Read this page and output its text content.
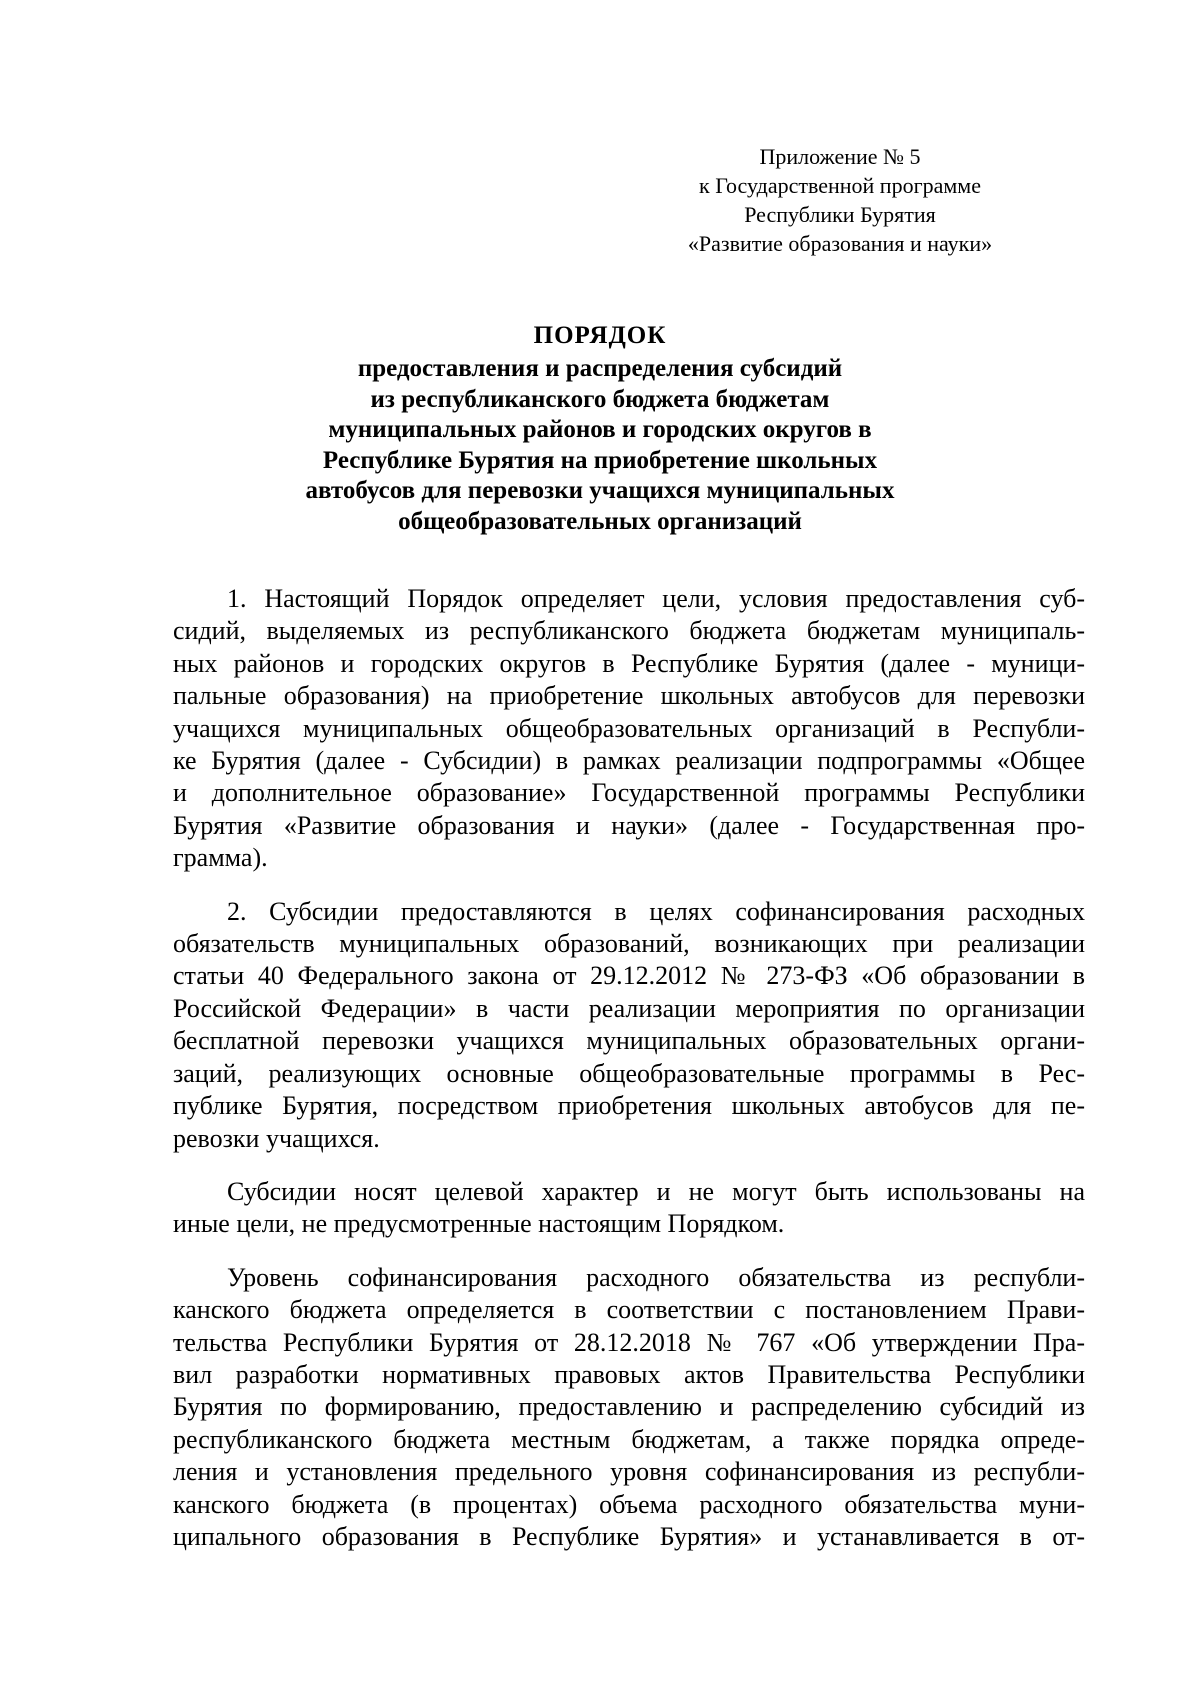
Приложение № 5
к Государственной программе
Республики Бурятия
«Развитие образования и науки»
ПОРЯДОК
предоставления и распределения субсидий
из республиканского бюджета бюджетам
муниципальных районов и городских округов в
Республике Бурятия на приобретение школьных
автобусов для перевозки учащихся муниципальных
общеобразовательных организаций
1. Настоящий Порядок определяет цели, условия предоставления суб-
сидий, выделяемых из республиканского бюджета бюджетам муниципаль-
ных районов и городских округов в Республике Бурятия (далее - муници-
пальные образования) на приобретение школьных автобусов для перевозки
учащихся муниципальных общеобразовательных организаций в Республи-
ке Бурятия (далее - Субсидии) в рамках реализации подпрограммы «Общее
и дополнительное образование» Государственной программы Республики
Бурятия «Развитие образования и науки» (далее - Государственная про-
грамма).
2. Субсидии предоставляются в целях софинансирования расходных
обязательств муниципальных образований, возникающих при реализации
статьи 40 Федерального закона от 29.12.2012 № 273-ФЗ «Об образовании в
Российской Федерации» в части реализации мероприятия по организации
бесплатной перевозки учащихся муниципальных образовательных органи-
заций, реализующих основные общеобразовательные программы в Рес-
публике Бурятия, посредством приобретения школьных автобусов для пе-
ревозки учащихся.
Субсидии носят целевой характер и не могут быть использованы на
иные цели, не предусмотренные настоящим Порядком.
Уровень софинансирования расходного обязательства из республи-
канского бюджета определяется в соответствии с постановлением Прави-
тельства Республики Бурятия от 28.12.2018 № 767 «Об утверждении Пра-
вил разработки нормативных правовых актов Правительства Республики
Бурятия по формированию, предоставлению и распределению субсидий из
республиканского бюджета местным бюджетам, а также порядка опреде-
ления и установления предельного уровня софинансирования из республи-
канского бюджета (в процентах) объема расходного обязательства муни-
ципального образования в Республике Бурятия» и устанавливается в от-
